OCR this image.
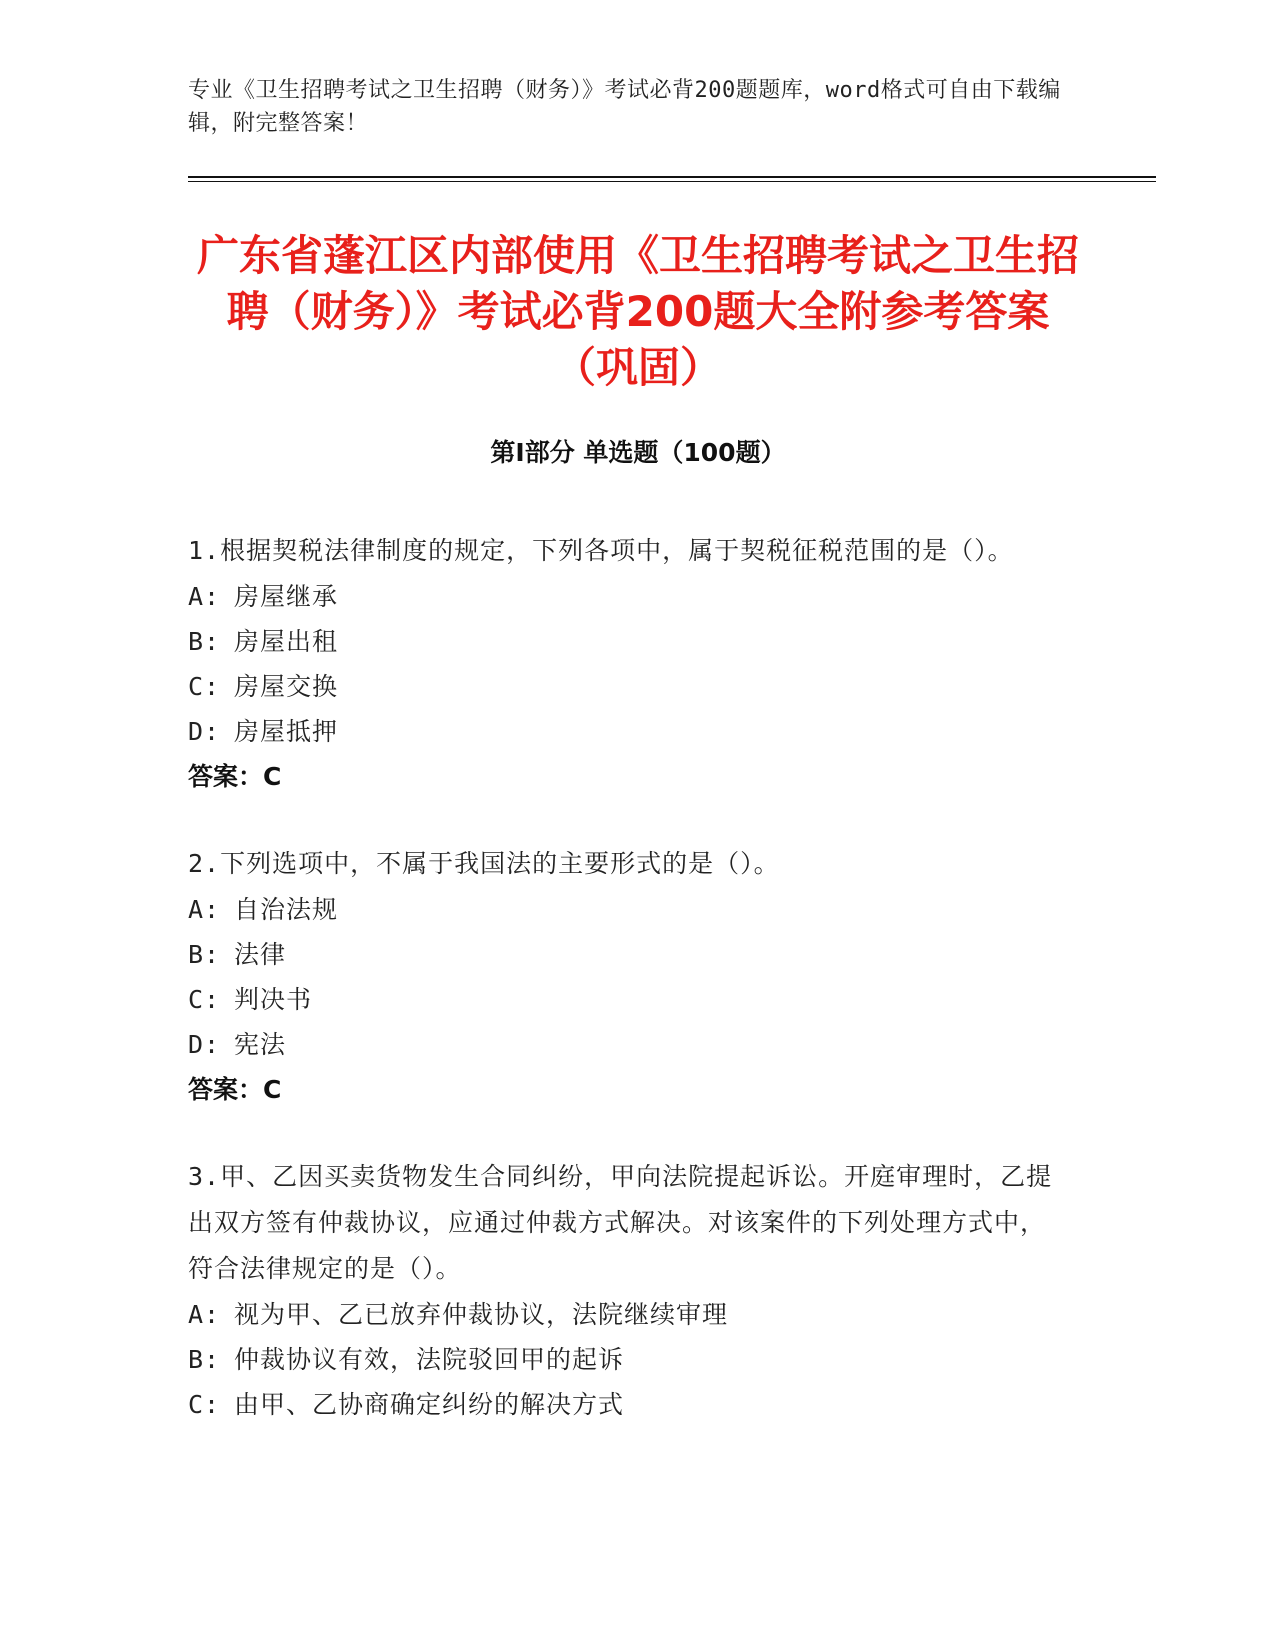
专业《卫生招聘考试之卫生招聘（财务）》考试必背200题题库，word格式可自由下载编辑，附完整答案！
广东省蓬江区内部使用《卫生招聘考试之卫生招聘（财务）》考试必背200题大全附参考答案（巩固）
第Ⅰ部分 单选题（100题）
1.根据契税法律制度的规定，下列各项中，属于契税征税范围的是（）。
A: 房屋继承
B: 房屋出租
C: 房屋交换
D: 房屋抵押
答案：C
2.下列选项中，不属于我国法的主要形式的是（）。
A: 自治法规
B: 法律
C: 判决书
D: 宪法
答案：C
3.甲、乙因买卖货物发生合同纠纷，甲向法院提起诉讼。开庭审理时，乙提出双方签有仲裁协议，应通过仲裁方式解决。对该案件的下列处理方式中，符合法律规定的是（）。
A: 视为甲、乙已放弃仲裁协议，法院继续审理
B: 仲裁协议有效，法院驳回甲的起诉
C: 由甲、乙协商确定纠纷的解决方式
